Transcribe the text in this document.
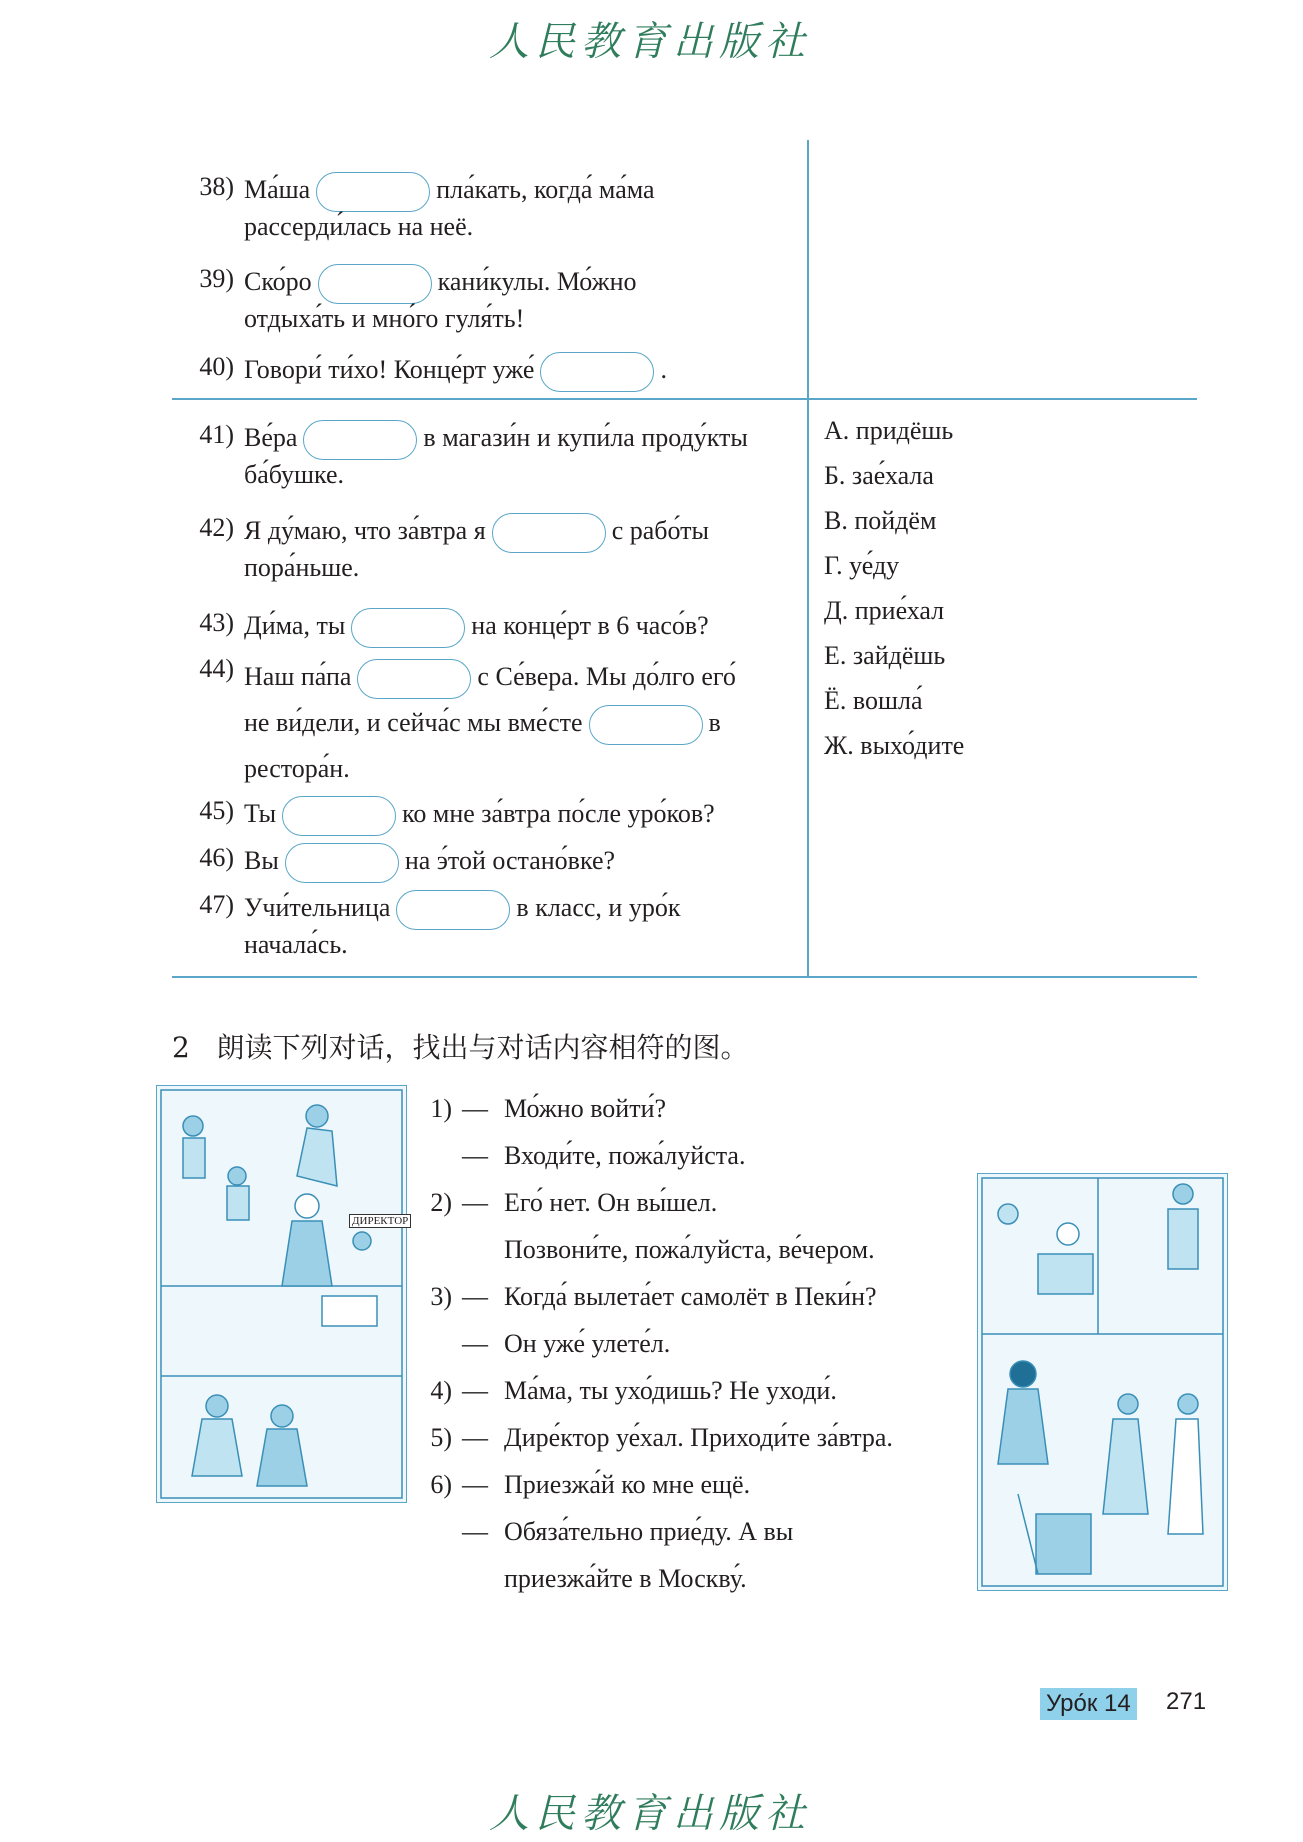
人民教育出版社
38) Ма́ша	пла́кать, когда́ ма́ма
рассерди́лась на неё.
39) Ско́ро	кани́кулы. Мо́жно
отдыха́ть и мно́го гуля́ть!
40) Говори́ ти́хо! Конце́рт уже́	.
41) Ве́ра	в магази́н и купи́ла проду́кты
ба́бушке.
42) Я ду́маю, что за́втра я	с рабо́ты
пора́ньше.
43) Ди́ма, ты	на конце́рт в 6 часо́в?
44) Наш па́па	с Се́вера. Мы до́лго его́
не ви́дели, и сейча́с мы вме́сте	в
рестора́н.
45) Ты	ко мне за́втра по́сле уро́ков?
46) Вы	на э́той остано́вке?
47) Учи́тельница	в класс, и уро́к
начала́сь.
А. придёшь
Б. зае́хала
В. пойдём
Г. уе́ду
Д. прие́хал
Е. зайдёшь
Ё. вошла́
Ж. выхо́дите
2 朗读下列对话，找出与对话内容相符的图。
ДИРЕКТОР
1) — Мо́жно войти́?
— Входи́те, пожа́луйста.
2) — Его́ нет. Он вы́шел.
Позвони́те, пожа́луйста, ве́чером.
3) — Когда́ вылета́ет самолёт в Пеки́н?
— Он уже́ улете́л.
4) — Ма́ма, ты ухо́дишь? Не уходи́.
5) — Дире́ктор уе́хал. Приходи́те за́втра.
6) — Приезжа́й ко мне ещё.
— Обяза́тельно прие́ду. А вы
приезжа́йте в Москву́.
Уро́к 14 271
人民教育出版社
